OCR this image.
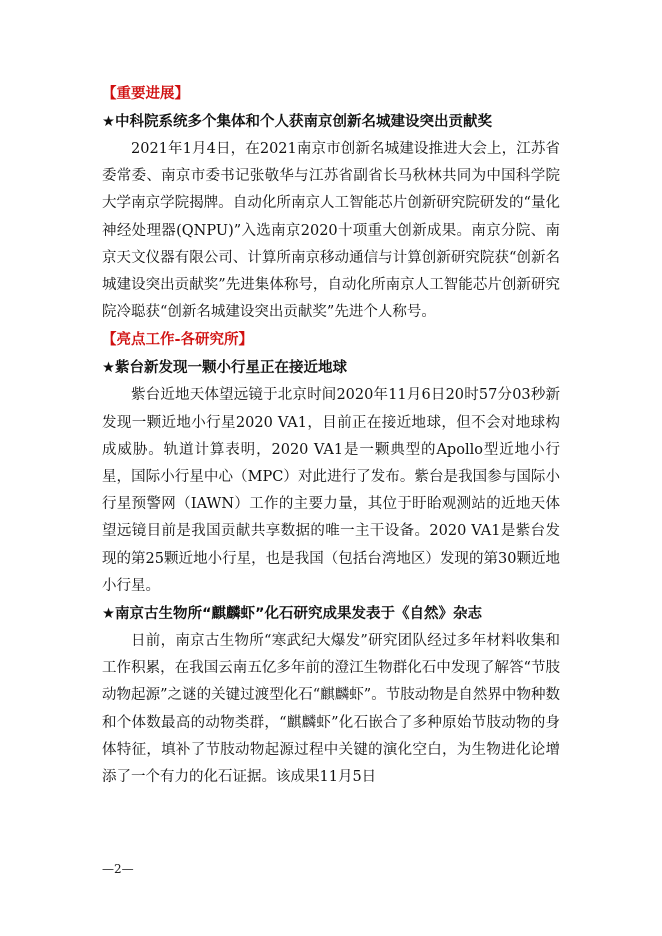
【重要进展】
★中科院系统多个集体和个人获南京创新名城建设突出贡献奖

2021年1月4日，在2021南京市创新名城建设推进大会上，江苏省委常委、南京市委书记张敬华与江苏省副省长马秋林共同为中国科学院大学南京学院揭牌。自动化所南京人工智能芯片创新研究院研发的“量化神经处理器(QNPU)”入选南京2020十项重大创新成果。南京分院、南京天文仪器有限公司、计算所南京移动通信与计算创新研究院获“创新名城建设突出贡献奖”先进集体称号，自动化所南京人工智能芯片创新研究院冷聪获“创新名城建设突出贡献奖”先进个人称号。

【亮点工作-各研究所】
★紫台新发现一颗小行星正在接近地球

紫台近地天体望远镜于北京时间2020年11月6日20时57分03秒新发现一颗近地小行星2020 VA1，目前正在接近地球，但不会对地球构成威胁。轨道计算表明，2020 VA1是一颗典型的Apollo型近地小行星，国际小行星中心（MPC）对此进行了发布。紫台是我国参与国际小行星预警网（IAWN）工作的主要力量，其位于盱眙观测站的近地天体望远镜目前是我国贡献共享数据的唯一主干设备。2020 VA1是紫台发现的第25颗近地小行星，也是我国（包括台湾地区）发现的第30颗近地小行星。

★南京古生物所“麒麟虾”化石研究成果发表于《自然》杂志

日前，南京古生物所“寒武纪大爆发”研究团队经过多年材料收集和工作积累，在我国云南五亿多年前的澄江生物群化石中发现了解答“节肢动物起源”之谜的关键过渡型化石“麒麟虾”。节肢动物是自然界中物种数和个体数最高的动物类群，“麒麟虾”化石嵌合了多种原始节肢动物的身体特征，填补了节肢动物起源过程中关键的演化空白，为生物进化论增添了一个有力的化石证据。该成果11月5日

—2—
